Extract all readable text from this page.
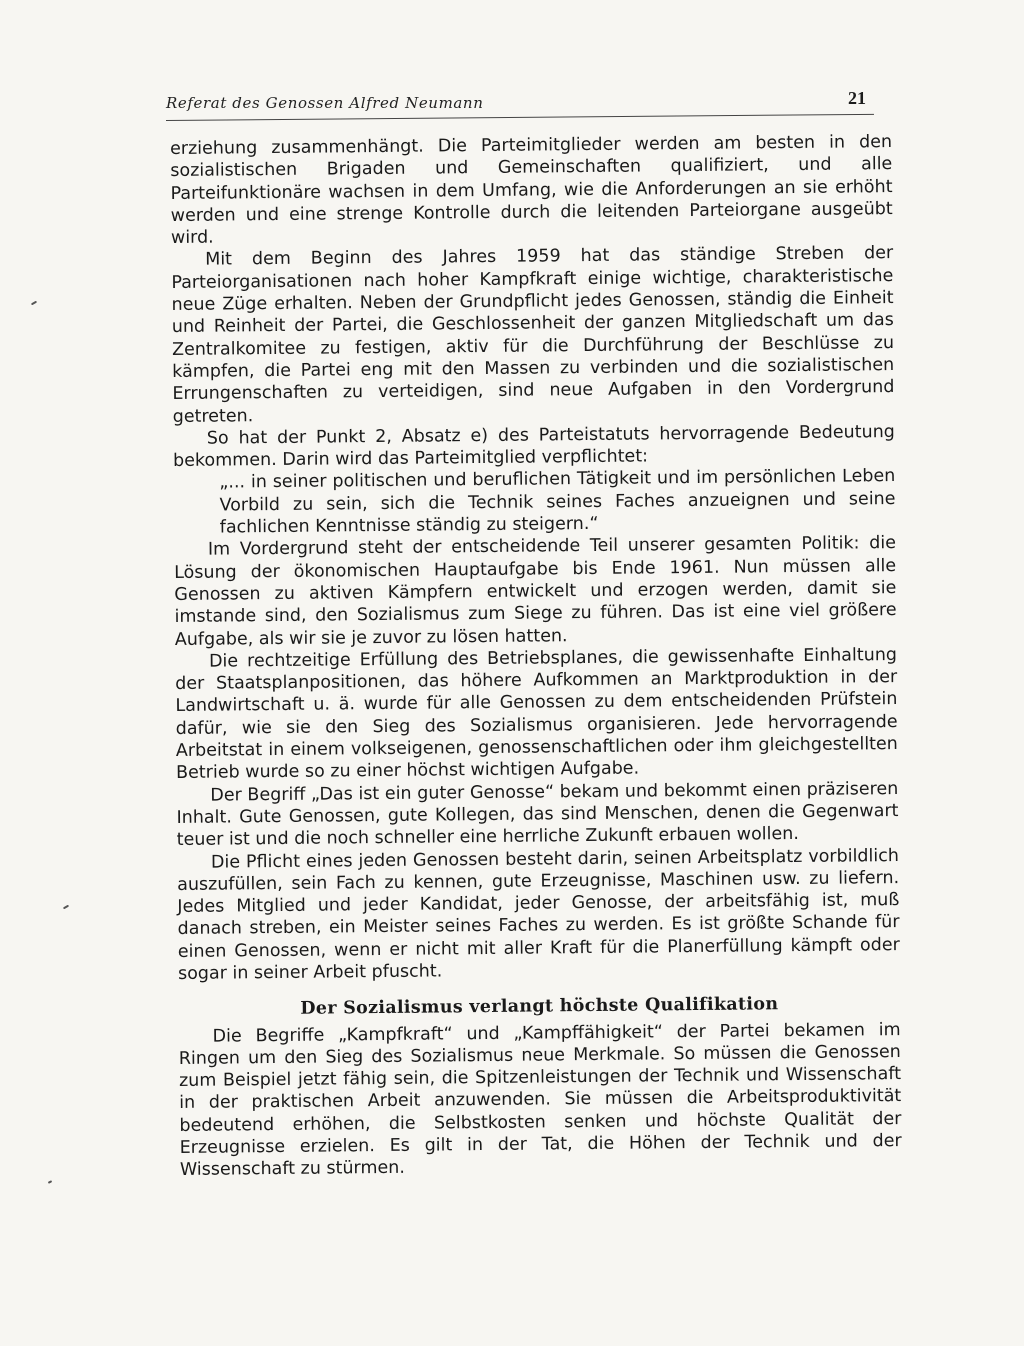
Referat des Genossen Alfred Neumann	21

erziehung zusammenhängt. Die Parteimitglieder werden am besten in den sozialistischen Brigaden und Gemeinschaften qualifiziert, und alle Parteifunktionäre wachsen in dem Umfang, wie die Anforderungen an sie erhöht werden und eine strenge Kontrolle durch die leitenden Parteiorgane ausgeübt wird.

Mit dem Beginn des Jahres 1959 hat das ständige Streben der Parteiorganisationen nach hoher Kampfkraft einige wichtige, charakteristische neue Züge erhalten. Neben der Grundpflicht jedes Genossen, ständig die Einheit und Reinheit der Partei, die Geschlossenheit der ganzen Mitgliedschaft um das Zentralkomitee zu festigen, aktiv für die Durchführung der Beschlüsse zu kämpfen, die Partei eng mit den Massen zu verbinden und die sozialistischen Errungenschaften zu verteidigen, sind neue Aufgaben in den Vordergrund getreten.

So hat der Punkt 2, Absatz e) des Parteistatuts hervorragende Bedeutung bekommen. Darin wird das Parteimitglied verpflichtet:

„... in seiner politischen und beruflichen Tätigkeit und im persönlichen Leben Vorbild zu sein, sich die Technik seines Faches anzueignen und seine fachlichen Kenntnisse ständig zu steigern.“

Im Vordergrund steht der entscheidende Teil unserer gesamten Politik: die Lösung der ökonomischen Hauptaufgabe bis Ende 1961. Nun müssen alle Genossen zu aktiven Kämpfern entwickelt und erzogen werden, damit sie imstande sind, den Sozialismus zum Siege zu führen. Das ist eine viel größere Aufgabe, als wir sie je zuvor zu lösen hatten.

Die rechtzeitige Erfüllung des Betriebsplanes, die gewissenhafte Einhaltung der Staatsplanpositionen, das höhere Aufkommen an Marktproduktion in der Landwirtschaft u. ä. wurde für alle Genossen zu dem entscheidenden Prüfstein dafür, wie sie den Sieg des Sozialismus organisieren. Jede hervorragende Arbeitstat in einem volkseigenen, genossenschaftlichen oder ihm gleichgestellten Betrieb wurde so zu einer höchst wichtigen Aufgabe.

Der Begriff „Das ist ein guter Genosse“ bekam und bekommt einen präziseren Inhalt. Gute Genossen, gute Kollegen, das sind Menschen, denen die Gegenwart teuer ist und die noch schneller eine herrliche Zukunft erbauen wollen.

Die Pflicht eines jeden Genossen besteht darin, seinen Arbeitsplatz vorbildlich auszufüllen, sein Fach zu kennen, gute Erzeugnisse, Maschinen usw. zu liefern. Jedes Mitglied und jeder Kandidat, jeder Genosse, der arbeitsfähig ist, muß danach streben, ein Meister seines Faches zu werden. Es ist größte Schande für einen Genossen, wenn er nicht mit aller Kraft für die Planerfüllung kämpft oder sogar in seiner Arbeit pfuscht.

Der Sozialismus verlangt höchste Qualifikation

Die Begriffe „Kampfkraft“ und „Kampffähigkeit“ der Partei bekamen im Ringen um den Sieg des Sozialismus neue Merkmale. So müssen die Genossen zum Beispiel jetzt fähig sein, die Spitzenleistungen der Technik und Wissenschaft in der praktischen Arbeit anzuwenden. Sie müssen die Arbeitsproduktivität bedeutend erhöhen, die Selbstkosten senken und höchste Qualität der Erzeugnisse erzielen. Es gilt in der Tat, die Höhen der Technik und der Wissenschaft zu stürmen.
